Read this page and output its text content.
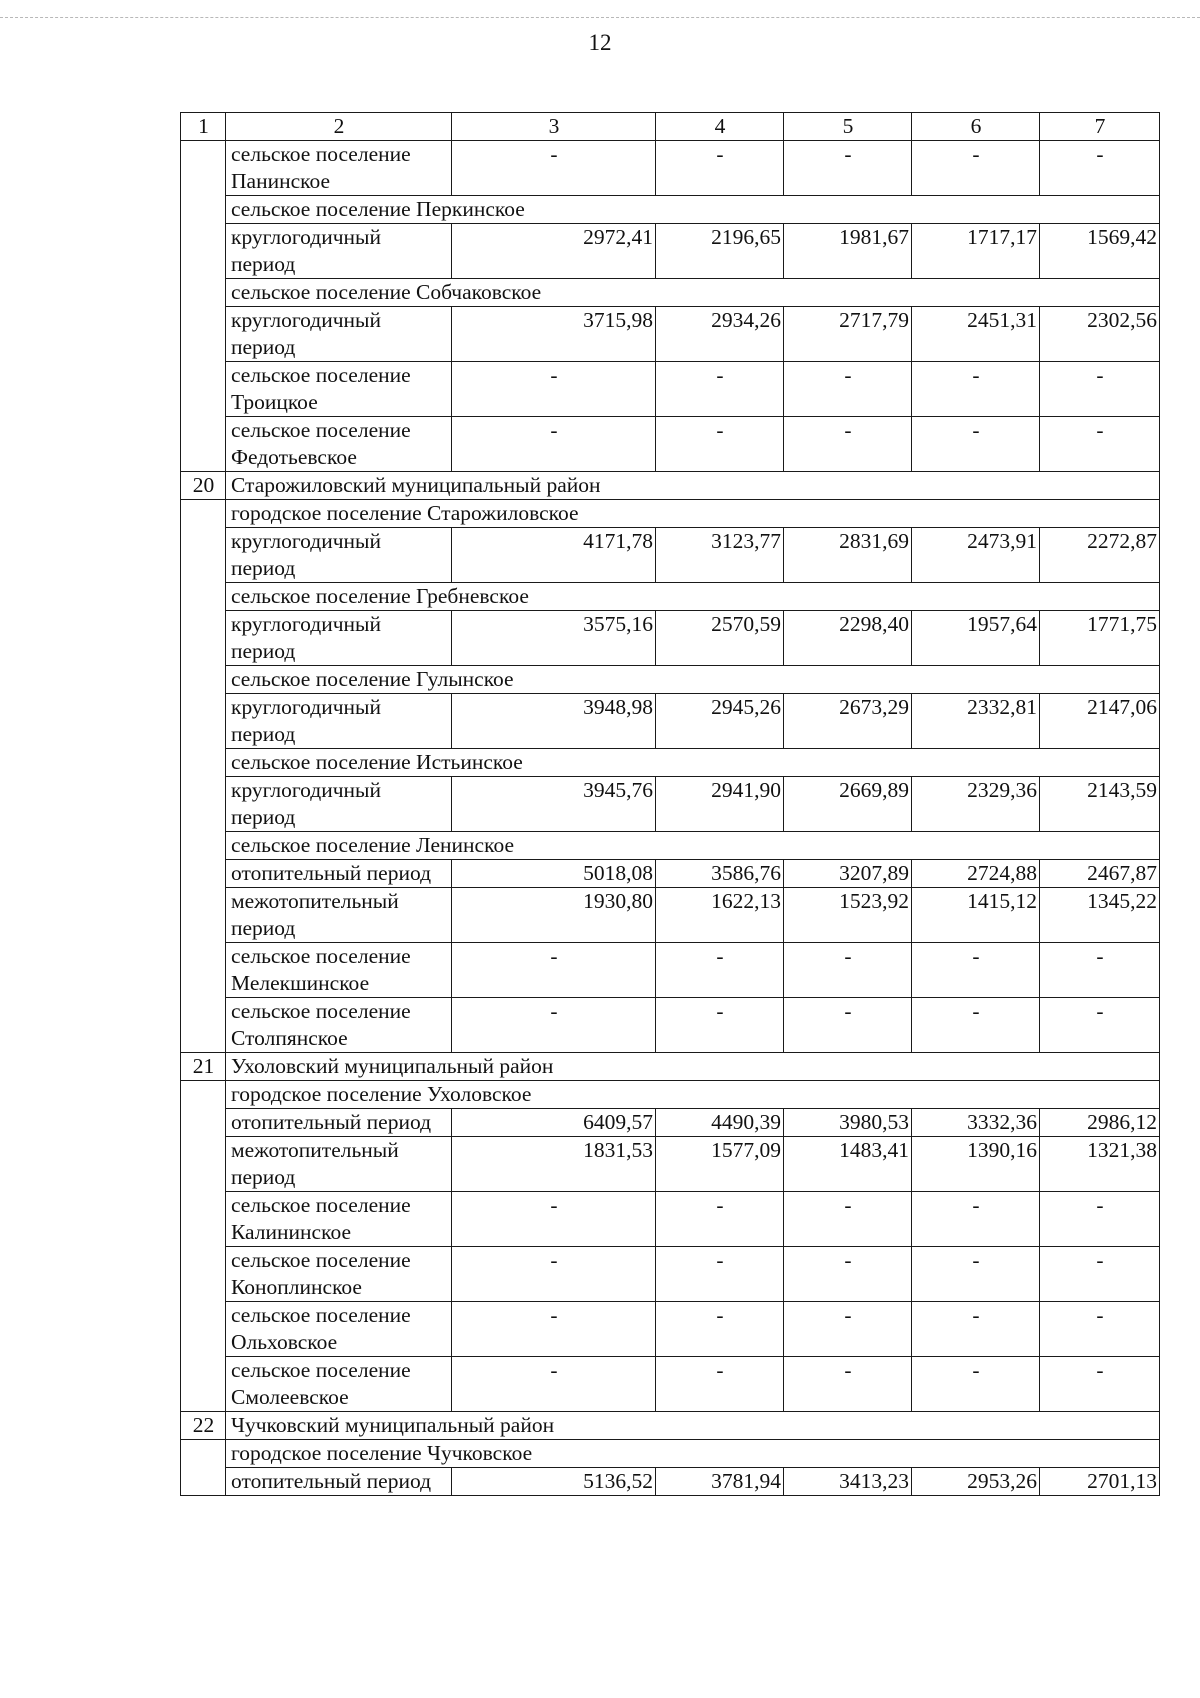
12
1	2	3	4	5	6	7
	сельское поселение Панинское	-	-	-	-	-
	сельское поселение Перкинское					
	круглогодичный период	2972,41	2196,65	1981,67	1717,17	1569,42
	сельское поселение Собчаковское					
	круглогодичный период	3715,98	2934,26	2717,79	2451,31	2302,56
	сельское поселение Троицкое	-	-	-	-	-
	сельское поселение Федотьевское	-	-	-	-	-
20	Старожиловский муниципальный район					
	городское поселение Старожиловское					
	круглогодичный период	4171,78	3123,77	2831,69	2473,91	2272,87
	сельское поселение Гребневское					
	круглогодичный период	3575,16	2570,59	2298,40	1957,64	1771,75
	сельское поселение Гулынское					
	круглогодичный период	3948,98	2945,26	2673,29	2332,81	2147,06
	сельское поселение Истьинское					
	круглогодичный период	3945,76	2941,90	2669,89	2329,36	2143,59
	сельское поселение Ленинское					
	отопительный период	5018,08	3586,76	3207,89	2724,88	2467,87
	межотопительный период	1930,80	1622,13	1523,92	1415,12	1345,22
	сельское поселение Мелекшинское	-	-	-	-	-
	сельское поселение Столпянское	-	-	-	-	-
21	Ухоловский муниципальный район					
	городское поселение Ухоловское					
	отопительный период	6409,57	4490,39	3980,53	3332,36	2986,12
	межотопительный период	1831,53	1577,09	1483,41	1390,16	1321,38
	сельское поселение Калининское	-	-	-	-	-
	сельское поселение Коноплинское	-	-	-	-	-
	сельское поселение Ольховское	-	-	-	-	-
	сельское поселение Смолеевское	-	-	-	-	-
22	Чучковский муниципальный район					
	городское поселение Чучковское					
	отопительный период	5136,52	3781,94	3413,23	2953,26	2701,13
